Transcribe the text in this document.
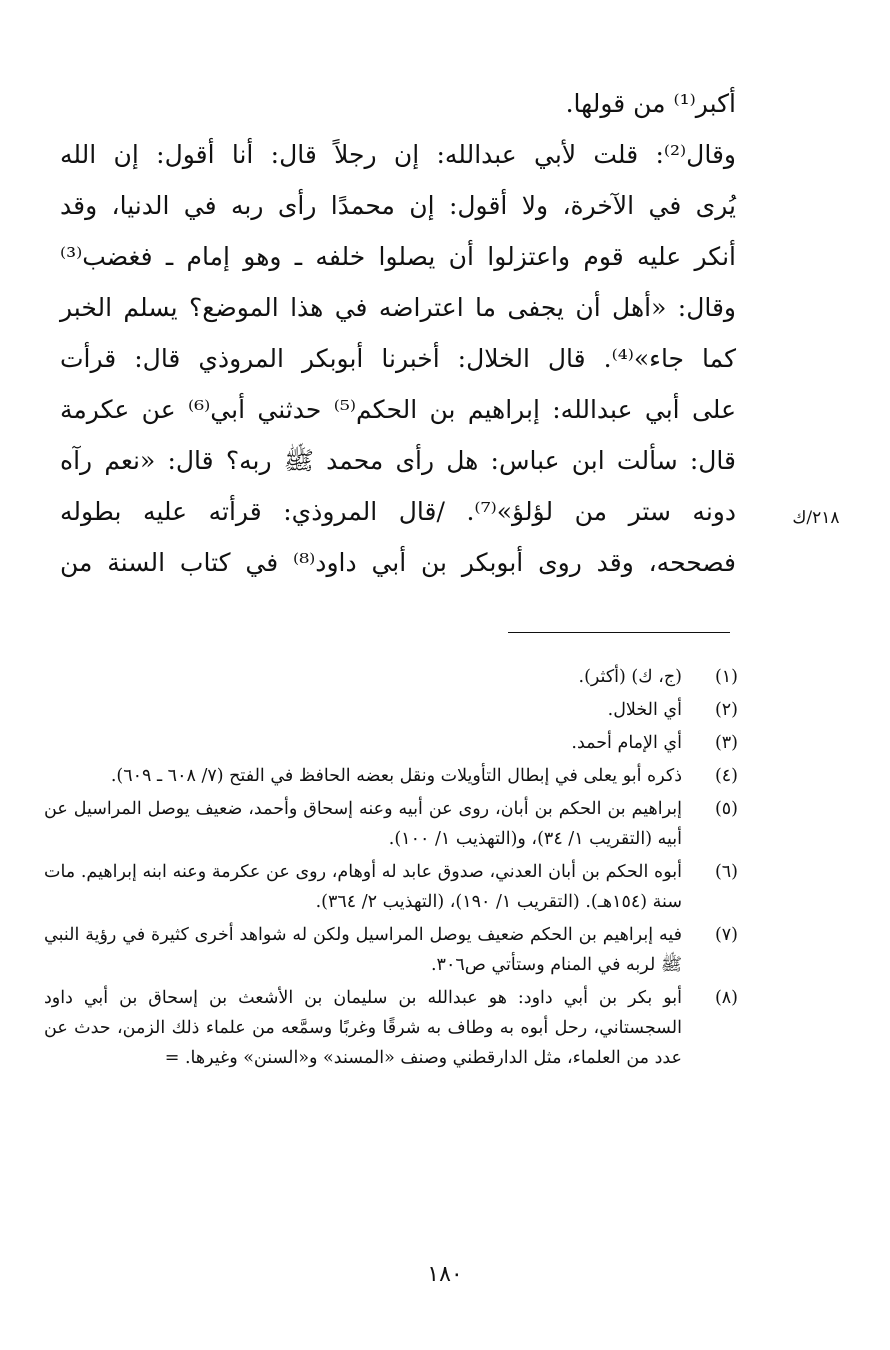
أكبر⁽¹⁾ من قولها.
وقال⁽²⁾: قلت لأبي عبدالله: إن رجلاً قال: أنا أقول: إن الله
يُرى في الآخرة، ولا أقول: إن محمدًا رأى ربه في الدنيا، وقد
أنكر عليه قوم واعتزلوا أن يصلوا خلفه ـ وهو إمام ـ فغضب⁽³⁾
وقال: «أهل أن يجفى ما اعتراضه في هذا الموضع؟ يسلم الخبر
كما جاء»⁽⁴⁾. قال الخلال: أخبرنا أبوبكر المروذي قال: قرأت
على أبي عبدالله: إبراهيم بن الحكم⁽⁵⁾ حدثني أبي⁽⁶⁾ عن عكرمة
قال: سألت ابن عباس: هل رأى محمد ﷺ ربه؟ قال: «نعم رآه
دونه ستر من لؤلؤ»⁽⁷⁾. /قال المروذي: قرأته عليه بطوله
فصححه، وقد روى أبوبكر بن أبي داود⁽⁸⁾ في كتاب السنة من
٢١٨/ك
(١)
(ج، ك) (أكثر).
(٢)
أي الخلال.
(٣)
أي الإمام أحمد.
(٤)
ذكره أبو يعلى في إبطال التأويلات ونقل بعضه الحافظ في الفتح (٧/ ٦٠٨ ـ ٦٠٩).
(٥)
إبراهيم بن الحكم بن أبان، روى عن أبيه وعنه إسحاق وأحمد، ضعيف يوصل المراسيل عن أبيه (التقريب ١/ ٣٤)، و(التهذيب ١/ ١٠٠).
(٦)
أبوه الحكم بن أبان العدني، صدوق عابد له أوهام، روى عن عكرمة وعنه ابنه إبراهيم. مات سنة (١٥٤هـ). (التقريب ١/ ١٩٠)، (التهذيب ٢/ ٣٦٤).
(٧)
فيه إبراهيم بن الحكم ضعيف يوصل المراسيل ولكن له شواهد أخرى كثيرة في رؤية النبي ﷺ لربه في المنام وستأتي ص٣٠٦.
(٨)
أبو بكر بن أبي داود: هو عبدالله بن سليمان بن الأشعث بن إسحاق بن أبي داود السجستاني، رحل أبوه به وطاف به شرقًا وغربًا وسمَّعه من علماء ذلك الزمن، حدث عن عدد من العلماء، مثل الدارقطني وصنف «المسند» و«السنن» وغيرها. =
١٨٠
